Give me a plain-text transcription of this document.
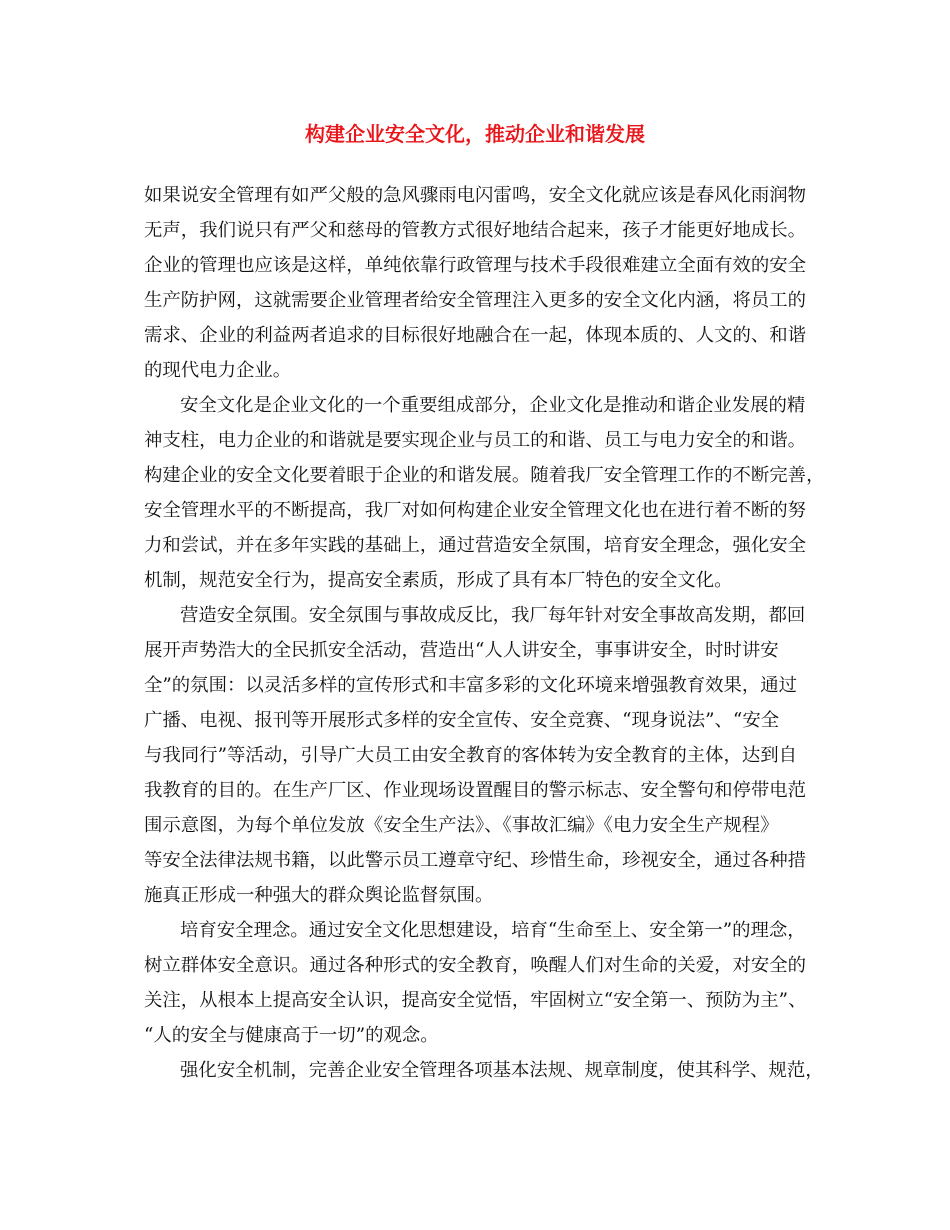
构建企业安全文化，推动企业和谐发展

如果说安全管理有如严父般的急风骤雨电闪雷鸣，安全文化就应该是春风化雨润物

无声，我们说只有严父和慈母的管教方式很好地结合起来，孩子才能更好地成长。

企业的管理也应该是这样，单纯依靠行政管理与技术手段很难建立全面有效的安全

生产防护网，这就需要企业管理者给安全管理注入更多的安全文化内涵，将员工的

需求、企业的利益两者追求的目标很好地融合在一起，体现本质的、人文的、和谐

的现代电力企业。

安全文化是企业文化的一个重要组成部分，企业文化是推动和谐企业发展的精

神支柱，电力企业的和谐就是要实现企业与员工的和谐、员工与电力安全的和谐。

构建企业的安全文化要着眼于企业的和谐发展。随着我厂安全管理工作的不断完善，

安全管理水平的不断提高，我厂对如何构建企业安全管理文化也在进行着不断的努

力和尝试，并在多年实践的基础上，通过营造安全氛围，培育安全理念，强化安全

机制，规范安全行为，提高安全素质，形成了具有本厂特色的安全文化。

营造安全氛围。安全氛围与事故成反比，我厂每年针对安全事故高发期，都回

展开声势浩大的全民抓安全活动，营造出“人人讲安全，事事讲安全，时时讲安

全”的氛围：以灵活多样的宣传形式和丰富多彩的文化环境来增强教育效果，通过

广播、电视、报刊等开展形式多样的安全宣传、安全竞赛、“现身说法”、“安全

与我同行”等活动，引导广大员工由安全教育的客体转为安全教育的主体，达到自

我教育的目的。在生产厂区、作业现场设置醒目的警示标志、安全警句和停带电范

围示意图，为每个单位发放《安全生产法》、《事故汇编》《电力安全生产规程》

等安全法律法规书籍，以此警示员工遵章守纪、珍惜生命，珍视安全，通过各种措

施真正形成一种强大的群众舆论监督氛围。

培育安全理念。通过安全文化思想建设，培育“生命至上、安全第一”的理念，

树立群体安全意识。通过各种形式的安全教育，唤醒人们对生命的关爱，对安全的

关注，从根本上提高安全认识，提高安全觉悟，牢固树立“安全第一、预防为主”、

“人的安全与健康高于一切”的观念。

强化安全机制，完善企业安全管理各项基本法规、规章制度，使其科学、规范，
